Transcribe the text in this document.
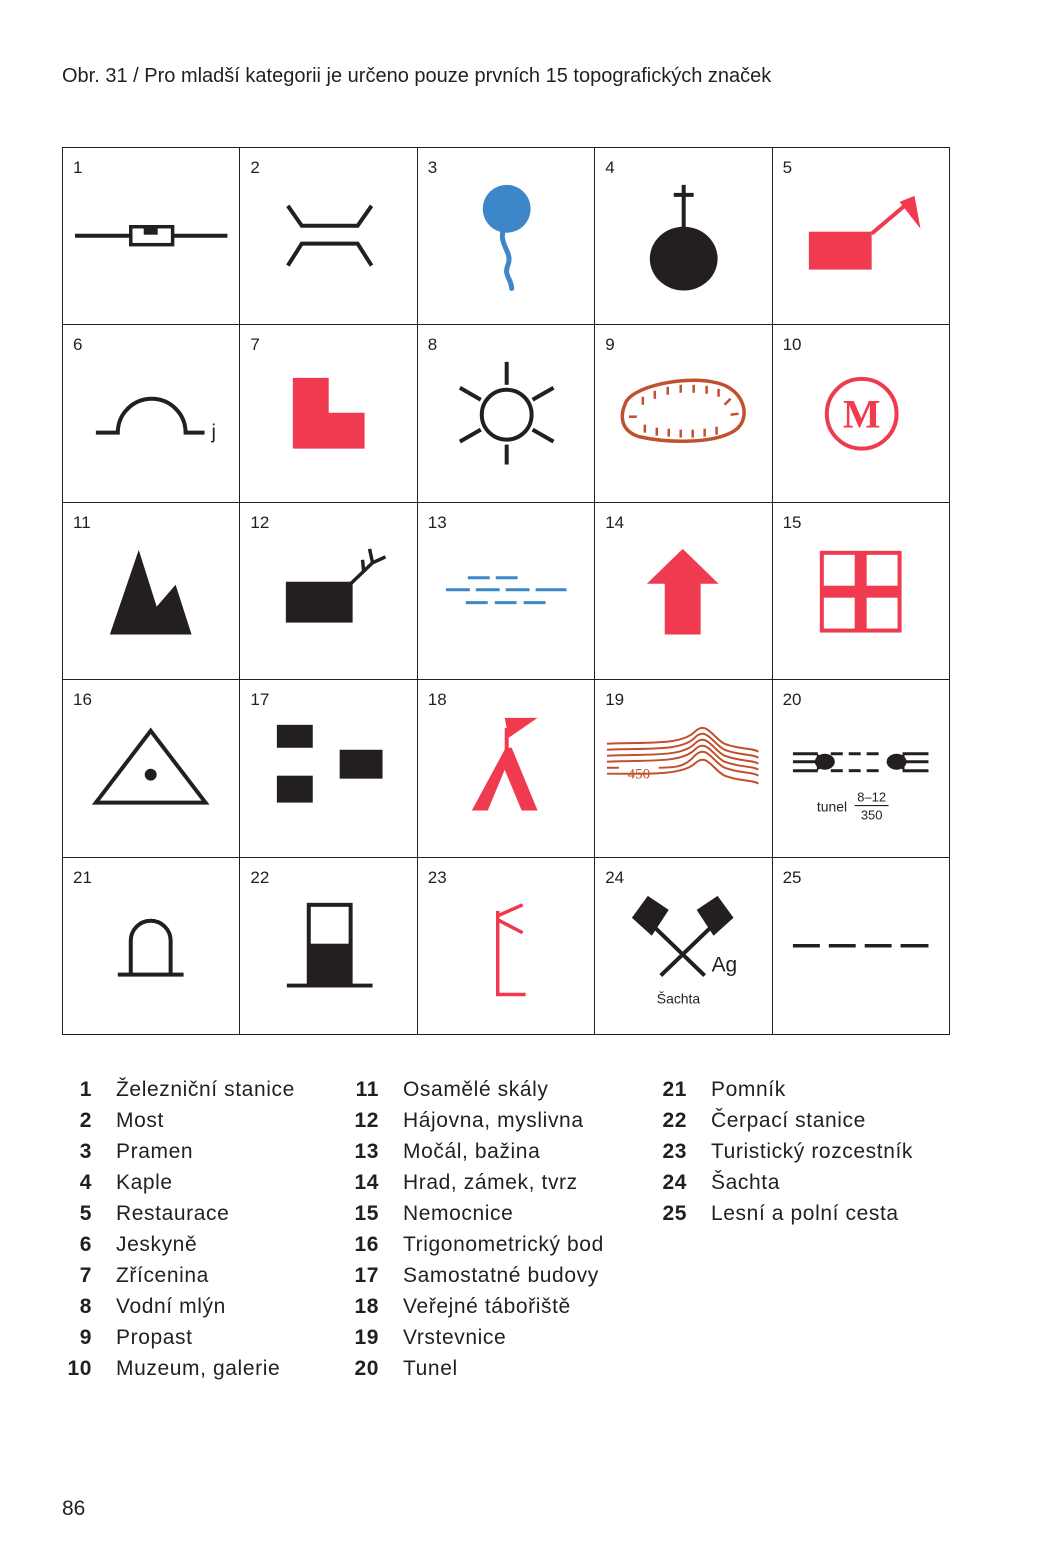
Obr. 31 / Pro mladší kategorii je určeno pouze prvních 15 topografických značek
1	2	3	4	5
6
j
7	8	9	10
M
11	12	13	14	15
16	17	18	19
450
20
tunel
8–12
350
21	22	23	24
Ag
Šachta
25
1 Železniční stanice
2 Most
3 Pramen
4 Kaple
5 Restaurace
6 Jeskyně
7 Zřícenina
8 Vodní mlýn
9 Propast
10 Muzeum, galerie
11 Osamělé skály
12 Hájovna, myslivna
13 Močál, bažina
14 Hrad, zámek, tvrz
15 Nemocnice
16 Trigonometrický bod
17 Samostatné budovy
18 Veřejné tábořiště
19 Vrstevnice
20 Tunel
21 Pomník
22 Čerpací stanice
23 Turistický rozcestník
24 Šachta
25 Lesní a polní cesta
86
